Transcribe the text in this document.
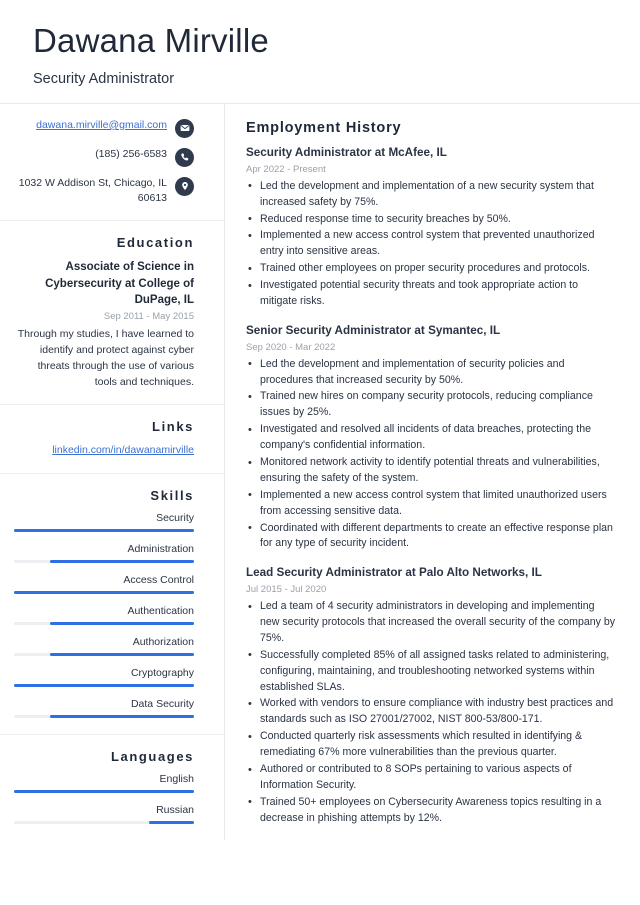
Dawana Mirville
Security Administrator
dawana.mirville@gmail.com
(185) 256-6583
1032 W Addison St, Chicago, IL 60613
Education
Associate of Science in Cybersecurity at College of DuPage, IL
Sep 2011 - May 2015
Through my studies, I have learned to identify and protect against cyber threats through the use of various tools and techniques.
Links
linkedin.com/in/dawanamirville
Skills
Security
Administration
Access Control
Authentication
Authorization
Cryptography
Data Security
Languages
English
Russian
Employment History
Security Administrator at McAfee, IL
Apr 2022 - Present
• Led the development and implementation of a new security system that increased safety by 75%.
• Reduced response time to security breaches by 50%.
• Implemented a new access control system that prevented unauthorized entry into sensitive areas.
• Trained other employees on proper security procedures and protocols.
• Investigated potential security threats and took appropriate action to mitigate risks.
Senior Security Administrator at Symantec, IL
Sep 2020 - Mar 2022
• Led the development and implementation of security policies and procedures that increased security by 50%.
• Trained new hires on company security protocols, reducing compliance issues by 25%.
• Investigated and resolved all incidents of data breaches, protecting the company's confidential information.
• Monitored network activity to identify potential threats and vulnerabilities, ensuring the safety of the system.
• Implemented a new access control system that limited unauthorized users from accessing sensitive data.
• Coordinated with different departments to create an effective response plan for any type of security incident.
Lead Security Administrator at Palo Alto Networks, IL
Jul 2015 - Jul 2020
• Led a team of 4 security administrators in developing and implementing new security protocols that increased the overall security of the company by 75%.
• Successfully completed 85% of all assigned tasks related to administering, configuring, maintaining, and troubleshooting networked systems within established SLAs.
• Worked with vendors to ensure compliance with industry best practices and standards such as ISO 27001/27002, NIST 800-53/800-171.
• Conducted quarterly risk assessments which resulted in identifying & remediating 67% more vulnerabilities than the previous quarter.
• Authored or contributed to 8 SOPs pertaining to various aspects of Information Security.
• Trained 50+ employees on Cybersecurity Awareness topics resulting in a decrease in phishing attempts by 12%.
